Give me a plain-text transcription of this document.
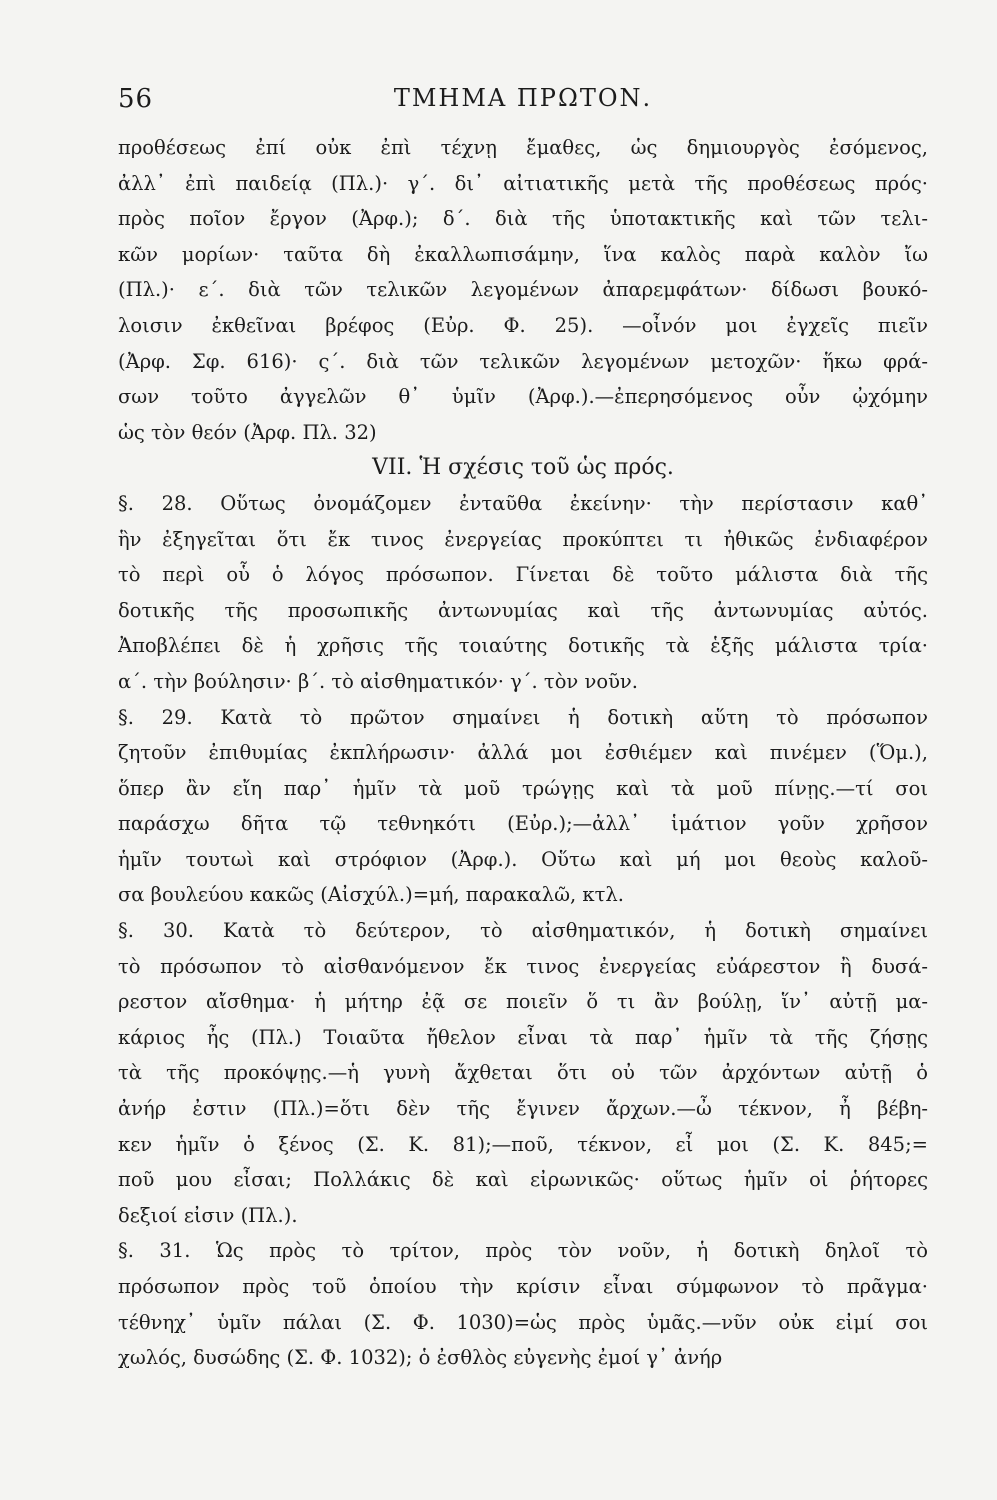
56	ΤΜΗΜΑ ΠΡΩΤΟΝ.
προθέσεως ἐπί οὐκ ἐπὶ τέχνῃ ἔμαθες, ὡς δημιουργὸς ἐσόμενος,
ἀλλ᾽ ἐπὶ παιδείᾳ (Πλ.)· γ΄. δι᾽ αἰτιατικῆς μετὰ τῆς προθέσεως πρός·
πρὸς ποῖον ἔργον (Ἀρφ.); δ΄. διὰ τῆς ὑποτακτικῆς καὶ τῶν τελι-
κῶν μορίων· ταῦτα δὴ ἐκαλλωπισάμην, ἵνα καλὸς παρὰ καλὸν ἴω
(Πλ.)· ε΄. διὰ τῶν τελικῶν λεγομένων ἀπαρεμφάτων· δίδωσι βουκό-
λοισιν ἐκθεῖναι βρέφος (Εὐρ. Φ. 25). —οἶνόν μοι ἐγχεῖς πιεῖν
(Ἀρφ. Σφ. 616)· ς΄. διὰ τῶν τελικῶν λεγομένων μετοχῶν· ἥκω φρά-
σων τοῦτο ἀγγελῶν θ᾽ ὑμῖν (Ἀρφ.).—ἐπερησόμενος οὖν ᾠχόμην
ὡς τὸν θεόν (Ἀρφ. Πλ. 32)
VII. Ἡ σχέσις τοῦ ὡς πρός.
§. 28. Οὕτως ὀνομάζομεν ἐνταῦθα ἐκείνην· τὴν περίστασιν καθ᾽
ἣν ἐξηγεῖται ὅτι ἔκ τινος ἐνεργείας προκύπτει τι ἠθικῶς ἐνδιαφέρον
τὸ περὶ οὗ ὁ λόγος πρόσωπον. Γίνεται δὲ τοῦτο μάλιστα διὰ τῆς
δοτικῆς τῆς προσωπικῆς ἀντωνυμίας καὶ τῆς ἀντωνυμίας αὐτός.
Ἀποβλέπει δὲ ἡ χρῆσις τῆς τοιαύτης δοτικῆς τὰ ἑξῆς μάλιστα τρία·
α΄. τὴν βούλησιν· β΄. τὸ αἰσθηματικόν· γ΄. τὸν νοῦν.
§. 29. Κατὰ τὸ πρῶτον σημαίνει ἡ δοτικὴ αὕτη τὸ πρόσωπον
ζητοῦν ἐπιθυμίας ἐκπλήρωσιν· ἀλλά μοι ἐσθιέμεν καὶ πινέμεν (Ὅμ.),
ὅπερ ἂν εἴη παρ᾽ ἡμῖν τὰ μοῦ τρώγῃς καὶ τὰ μοῦ πίνῃς.—τί σοι
παράσχω δῆτα τῷ τεθνηκότι (Εὐρ.);—ἀλλ᾽ ἱμάτιον γοῦν χρῆσον
ἡμῖν τουτωὶ καὶ στρόφιον (Ἀρφ.). Οὕτω καὶ μή μοι θεοὺς καλοῦ-
σα βουλεύου κακῶς (Αἰσχύλ.)=μή, παρακαλῶ, κτλ.
§. 30. Κατὰ τὸ δεύτερον, τὸ αἰσθηματικόν, ἡ δοτικὴ σημαίνει
τὸ πρόσωπον τὸ αἰσθανόμενον ἔκ τινος ἐνεργείας εὐάρεστον ἢ δυσά-
ρεστον αἴσθημα· ἡ μήτηρ ἐᾷ σε ποιεῖν ὅ τι ἂν βούλῃ, ἵν᾽ αὐτῇ μα-
κάριος ἦς (Πλ.) Τοιαῦτα ἤθελον εἶναι τὰ παρ᾽ ἡμῖν τὰ τῆς ζήσῃς
τὰ τῆς προκόψῃς.—ἡ γυνὴ ἄχθεται ὅτι οὐ τῶν ἀρχόντων αὐτῇ ὁ
ἀνήρ ἐστιν (Πλ.)=ὅτι δὲν τῆς ἔγινεν ἄρχων.—ὦ τέκνον, ἦ βέβη-
κεν ἡμῖν ὁ ξένος (Σ. Κ. 81);—ποῦ, τέκνον, εἶ μοι (Σ. Κ. 845;=
ποῦ μου εἶσαι; Πολλάκις δὲ καὶ εἰρωνικῶς· οὕτως ἡμῖν οἱ ῥήτορες
δεξιοί εἰσιν (Πλ.).
§. 31. Ὡς πρὸς τὸ τρίτον, πρὸς τὸν νοῦν, ἡ δοτικὴ δηλοῖ τὸ
πρόσωπον πρὸς τοῦ ὁποίου τὴν κρίσιν εἶναι σύμφωνον τὸ πρᾶγμα·
τέθνηχ᾽ ὑμῖν πάλαι (Σ. Φ. 1030)=ὡς πρὸς ὑμᾶς.—νῦν οὐκ εἰμί σοι
χωλός, δυσώδης (Σ. Φ. 1032); ὁ ἐσθλὸς εὐγενὴς ἐμοί γ᾽ ἀνήρ
